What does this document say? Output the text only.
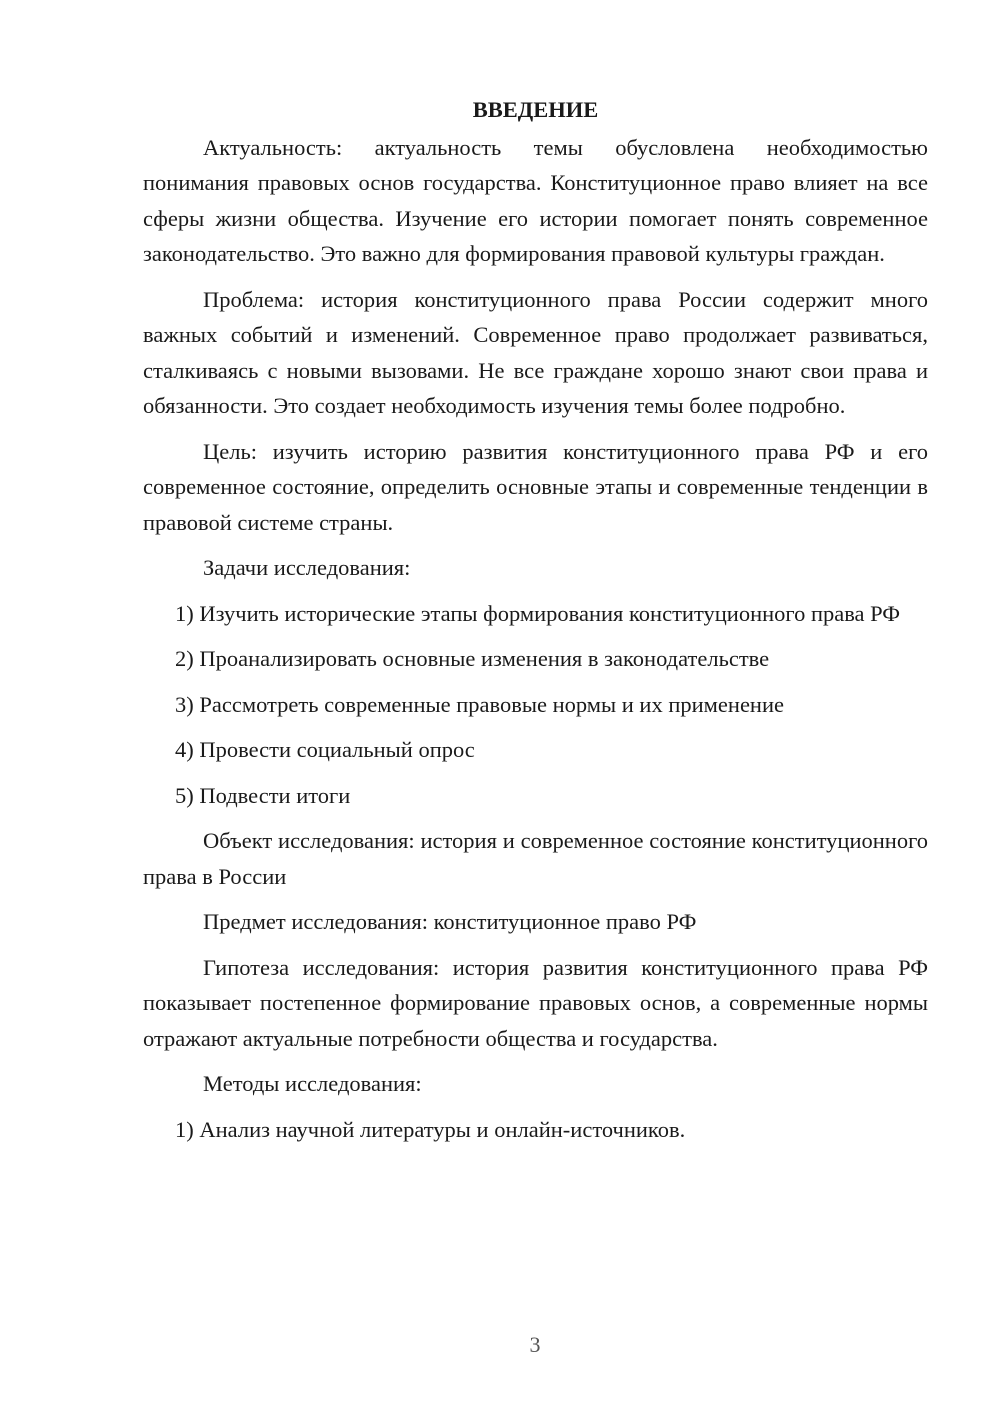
ВВЕДЕНИЕ

Актуальность: актуальность темы обусловлена необходимостью понимания правовых основ государства. Конституционное право влияет на все сферы жизни общества. Изучение его истории помогает понять современное законодательство. Это важно для формирования правовой культуры граждан.

Проблема: история конституционного права России содержит много важных событий и изменений. Современное право продолжает развиваться, сталкиваясь с новыми вызовами. Не все граждане хорошо знают свои права и обязанности. Это создает необходимость изучения темы более подробно.

Цель: изучить историю развития конституционного права РФ и его современное состояние, определить основные этапы и современные тенденции в правовой системе страны.

Задачи исследования:

1) Изучить исторические этапы формирования конституционного права РФ

2) Проанализировать основные изменения в законодательстве

3) Рассмотреть современные правовые нормы и их применение

4) Провести социальный опрос

5) Подвести итоги

Объект исследования: история и современное состояние конституционного права в России

Предмет исследования: конституционное право РФ

Гипотеза исследования: история развития конституционного права РФ показывает постепенное формирование правовых основ, а современные нормы отражают актуальные потребности общества и государства.

Методы исследования:

1) Анализ научной литературы и онлайн-источников.

3
